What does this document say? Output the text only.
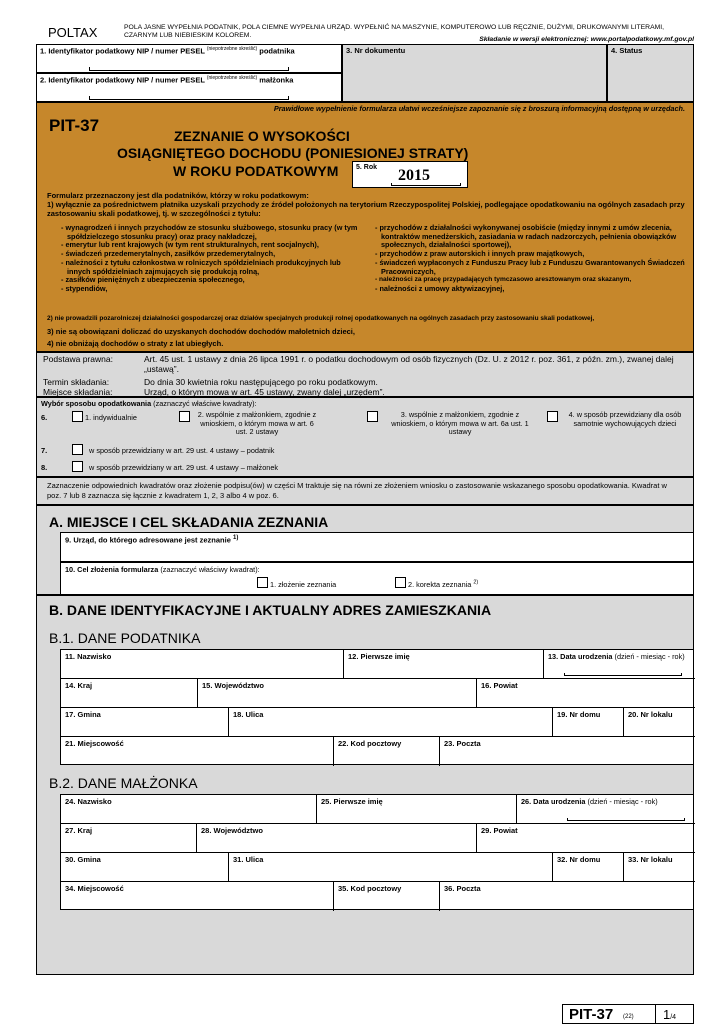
POLTAX	POLA JASNE WYPEŁNIA PODATNIK, POLA CIEMNE WYPEŁNIA URZĄD. WYPEŁNIĆ NA MASZYNIE, KOMPUTEROWO LUB RĘCZNIE, DUŻYMI, DRUKOWANYMI LITERAMI, CZARNYM LUB NIEBIESKIM KOLOREM.
Składanie w wersji elektronicznej: www.portalpodatkowy.mf.gov.pl
1. Identyfikator podatkowy NIP / numer PESEL $^{(niepotrzebne skreślić)}$ podatnika
2. Identyfikator podatkowy NIP / numer PESEL $^{(niepotrzebne skreślić)}$ małżonka
3. Nr dokumentu	4. Status
Prawidłowe wypełnienie formularza ułatwi wcześniejsze zapoznanie się z broszurą informacyjną dostępną w urzędach.
PIT-37
ZEZNANIE O WYSOKOŚCI
OSIĄGNIĘTEGO DOCHODU (PONIESIONEJ STRATY)
W ROKU PODATKOWYM	5. Rok 2015
Formularz przeznaczony jest dla podatników, którzy w roku podatkowym:
1) wyłącznie za pośrednictwem płatnika uzyskali przychody ze źródeł położonych na terytorium Rzeczypospolitej Polskiej, podlegające opodatkowaniu na ogólnych zasadach przy zastosowaniu skali podatkowej, tj. w szczególności z tytułu:
- wynagrodzeń i innych przychodów ze stosunku służbowego, stosunku pracy (w tym spółdzielczego stosunku pracy) oraz pracy nakładczej,
- emerytur lub rent krajowych (w tym rent strukturalnych, rent socjalnych),
- świadczeń przedemerytalnych, zasiłków przedemerytalnych,
- należności z tytułu członkostwa w rolniczych spółdzielniach produkcyjnych lub innych spółdzielniach zajmujących się produkcją rolną,
- zasiłków pieniężnych z ubezpieczenia społecznego,
- stypendiów,
- przychodów z działalności wykonywanej osobiście (między innymi z umów zlecenia, kontraktów menedżerskich, zasiadania w radach nadzorczych, pełnienia obowiązków społecznych, działalności sportowej),
- przychodów z praw autorskich i innych praw majątkowych,
- świadczeń wypłaconych z Funduszu Pracy lub z Funduszu Gwarantowanych Świadczeń Pracowniczych,
- należności za pracę przypadających tymczasowo aresztowanym oraz skazanym,
- należności z umowy aktywizacyjnej,
2) nie prowadzili pozarolniczej działalności gospodarczej oraz działów specjalnych produkcji rolnej opodatkowanych na ogólnych zasadach przy zastosowaniu skali podatkowej,
3) nie są obowiązani doliczać do uzyskanych dochodów dochodów małoletnich dzieci,
4) nie obniżają dochodów o straty z lat ubiegłych.
Podstawa prawna:	Art. 45 ust. 1 ustawy z dnia 26 lipca 1991 r. o podatku dochodowym od osób fizycznych (Dz. U. z 2012 r. poz. 361, z późn. zm.), zwanej dalej „ustawą”.
Termin składania:	Do dnia 30 kwietnia roku następującego po roku podatkowym.
Miejsce składania:	Urząd, o którym mowa w art. 45 ustawy, zwany dalej „urzędem”.
Wybór sposobu opodatkowania (zaznaczyć właściwe kwadraty):
6.	1. indywidualnie	2. wspólnie z małżonkiem, zgodnie z wnioskiem, o którym mowa w art. 6 ust. 2 ustawy
3. wspólnie z małżonkiem, zgodnie z wnioskiem, o którym mowa w art. 6a ust. 1 ustawy
4. w sposób przewidziany dla osób samotnie wychowujących dzieci
7.	w sposób przewidziany w art. 29 ust. 4 ustawy – podatnik
8.	w sposób przewidziany w art. 29 ust. 4 ustawy – małżonek
Zaznaczenie odpowiednich kwadratów oraz złożenie podpisu(ów) w części M traktuje się na równi ze złożeniem wniosku o zastosowanie wskazanego sposobu opodatkowania. Kwadrat w poz. 7 lub 8 zaznacza się łącznie z kwadratem 1, 2, 3 albo 4 w poz. 6.
A. MIEJSCE I CEL SKŁADANIA ZEZNANIA
9. Urząd, do którego adresowane jest zeznanie $^{1)}$
10. Cel złożenia formularza (zaznaczyć właściwy kwadrat):
1. złożenie zeznania	2. korekta zeznania $^{2)}$
B. DANE IDENTYFIKACYJNE I AKTUALNY ADRES ZAMIESZKANIA
B.1. DANE PODATNIKA
B.2. DANE MAŁŻONKA
11. Nazwisko	12. Pierwsze imię	13. Data urodzenia (dzień - miesiąc - rok)
14. Kraj	15. Województwo	16. Powiat
17. Gmina	18. Ulica	19. Nr domu	20. Nr lokalu
21. Miejscowość	22. Kod pocztowy	23. Poczta
24. Nazwisko	25. Pierwsze imię	26. Data urodzenia (dzień - miesiąc - rok)
27. Kraj	28. Województwo	29. Powiat
30. Gmina	31. Ulica	32. Nr domu	33. Nr lokalu
34. Miejscowość	35. Kod pocztowy	36. Poczta
PIT-37 (22) 1/4
